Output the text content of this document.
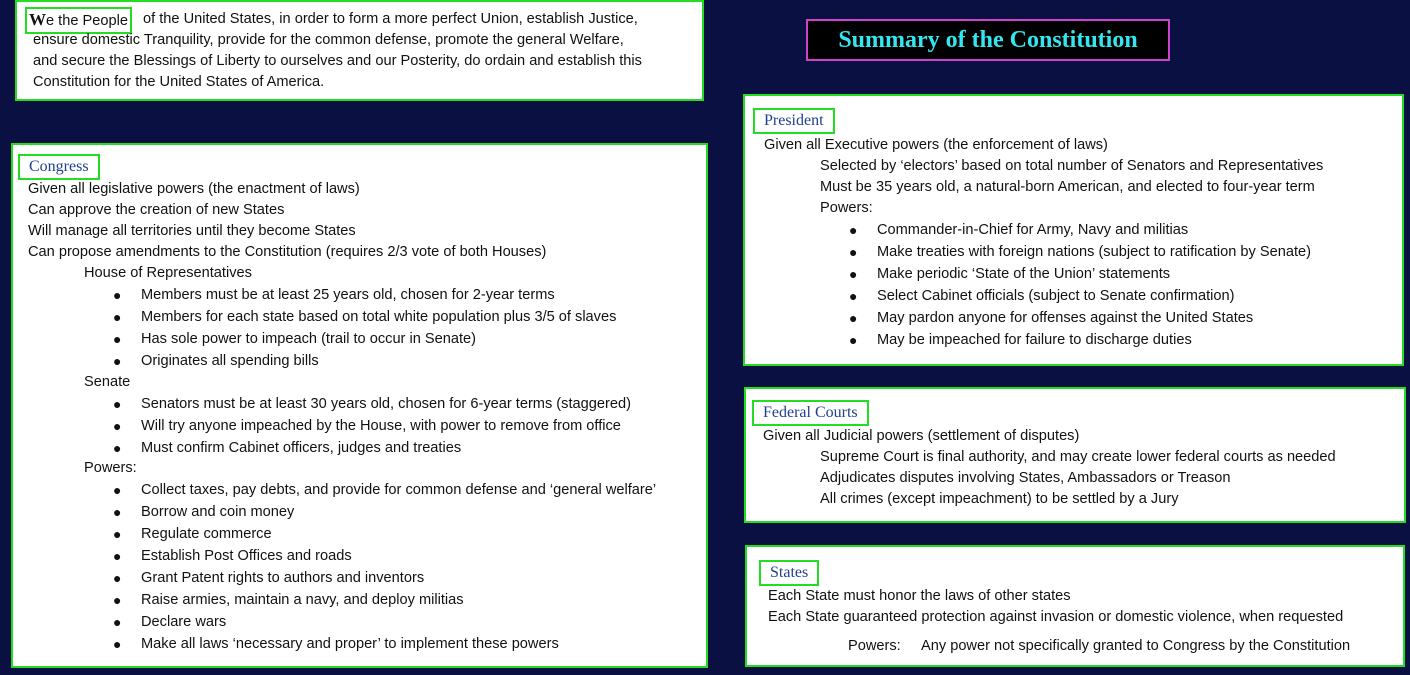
Summary of the Constitution
We the People of the United States, in order to form a more perfect Union, establish Justice,
ensure domestic Tranquility, provide for the common defense, promote the general Welfare,
and secure the Blessings of Liberty to ourselves and our Posterity, do ordain and establish this
Constitution for the United States of America.
Congress
Given all legislative powers (the enactment of laws)
Can approve the creation of new States
Will manage all territories until they become States
Can propose amendments to the Constitution (requires 2/3 vote of both Houses)
House of Representatives
● Members must be at least 25 years old, chosen for 2-year terms
● Members for each state based on total white population plus 3/5 of slaves
● Has sole power to impeach (trail to occur in Senate)
● Originates all spending bills
Senate
● Senators must be at least 30 years old, chosen for 6-year terms (staggered)
● Will try anyone impeached by the House, with power to remove from office
● Must confirm Cabinet officers, judges and treaties
Powers:
● Collect taxes, pay debts, and provide for common defense and ‘general welfare’
● Borrow and coin money
● Regulate commerce
● Establish Post Offices and roads
● Grant Patent rights to authors and inventors
● Raise armies, maintain a navy, and deploy militias
● Declare wars
● Make all laws ‘necessary and proper’ to implement these powers
President
Given all Executive powers (the enforcement of laws)
Selected by ‘electors’ based on total number of Senators and Representatives
Must be 35 years old, a natural-born American, and elected to four-year term
Powers:
● Commander-in-Chief for Army, Navy and militias
● Make treaties with foreign nations (subject to ratification by Senate)
● Make periodic ‘State of the Union’ statements
● Select Cabinet officials (subject to Senate confirmation)
● May pardon anyone for offenses against the United States
● May be impeached for failure to discharge duties
Federal Courts
Given all Judicial powers (settlement of disputes)
Supreme Court is final authority, and may create lower federal courts as needed
Adjudicates disputes involving States, Ambassadors or Treason
All crimes (except impeachment) to be settled by a Jury
States
Each State must honor the laws of other states
Each State guaranteed protection against invasion or domestic violence, when requested
Powers: Any power not specifically granted to Congress by the Constitution
